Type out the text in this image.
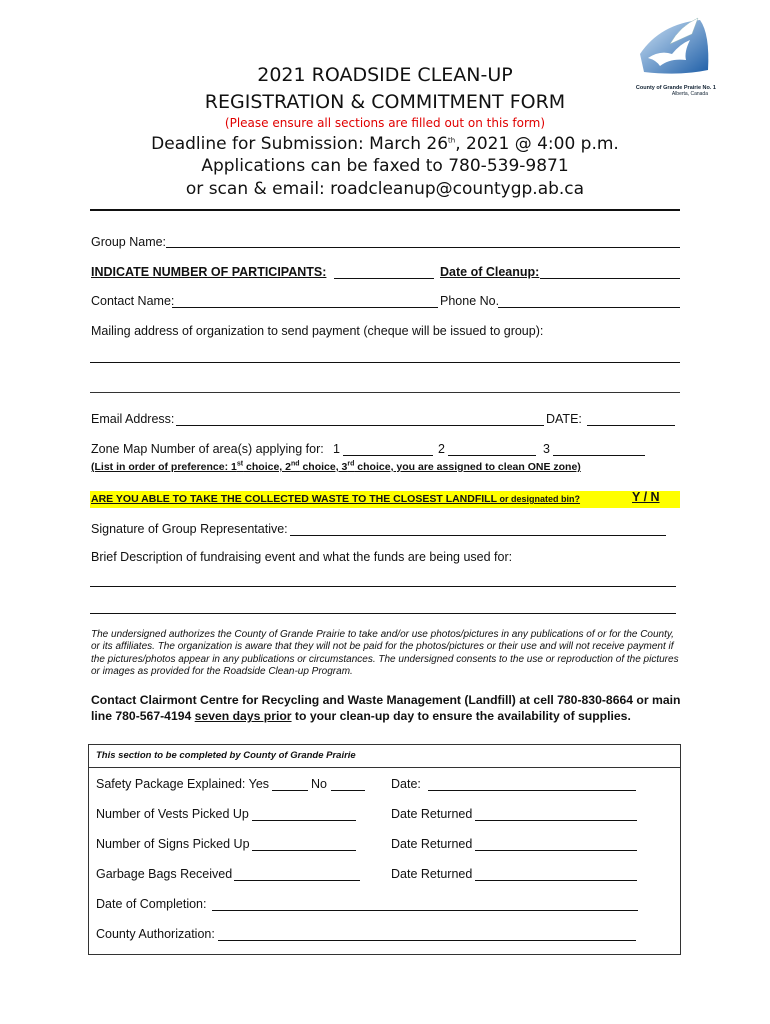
County of Grande Prairie No. 1
Alberta, Canada
2021 ROADSIDE CLEAN-UP
REGISTRATION & COMMITMENT FORM
(Please ensure all sections are filled out on this form)
Deadline for Submission: March 26th, 2021 @ 4:00 p.m.
Applications can be faxed to 780-539-9871
or scan & email: roadcleanup@countygp.ab.ca
Group Name:
INDICATE NUMBER OF PARTICIPANTS:	Date of Cleanup:
Contact Name:	Phone No.
Mailing address of organization to send payment (cheque will be issued to group):
Email Address:	DATE:
Zone Map Number of area(s) applying for: 1	2	3
(List in order of preference: 1st choice, 2nd choice, 3rd choice, you are assigned to clean ONE zone)
ARE YOU ABLE TO TAKE THE COLLECTED WASTE TO THE CLOSEST LANDFILL or designated bin?	Y / N
Signature of Group Representative:
Brief Description of fundraising event and what the funds are being used for:
The undersigned authorizes the County of Grande Prairie to take and/or use photos/pictures in any publications of or for the County, or its affiliates. The organization is aware that they will not be paid for the photos/pictures or their use and will not receive payment if the pictures/photos appear in any publications or circumstances. The undersigned consents to the use or reproduction of the pictures or images as provided for the Roadside Clean-up Program.
Contact Clairmont Centre for Recycling and Waste Management (Landfill) at cell 780-830-8664 or main line 780-567-4194 seven days prior to your clean-up day to ensure the availability of supplies.
This section to be completed by County of Grande Prairie
Safety Package Explained: Yes	No	Date:
Number of Vests Picked Up	Date Returned
Number of Signs Picked Up	Date Returned
Garbage Bags Received	Date Returned
Date of Completion:
County Authorization:
